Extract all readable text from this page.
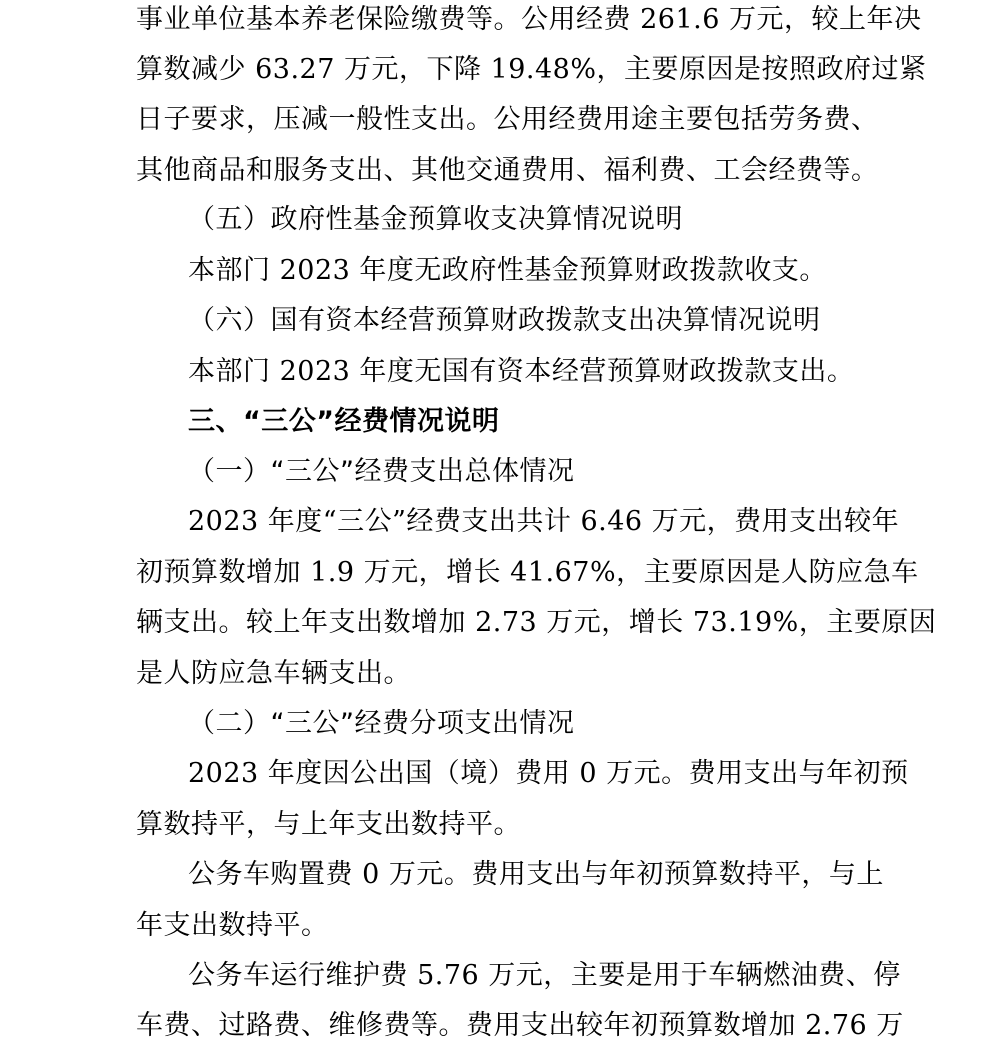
事业单位基本养老保险缴费等。公用经费 261.6 万元，较上年决
算数减少 63.27 万元，下降 19.48%，主要原因是按照政府过紧
日子要求，压减一般性支出。公用经费用途主要包括劳务费、
其他商品和服务支出、其他交通费用、福利费、工会经费等。
（五）政府性基金预算收支决算情况说明
本部门 2023 年度无政府性基金预算财政拨款收支。
（六）国有资本经营预算财政拨款支出决算情况说明
本部门 2023 年度无国有资本经营预算财政拨款支出。
三、“三公”经费情况说明
（一）“三公”经费支出总体情况
2023 年度“三公”经费支出共计 6.46 万元，费用支出较年
初预算数增加 1.9 万元，增长 41.67%，主要原因是人防应急车
辆支出。较上年支出数增加 2.73 万元，增长 73.19%，主要原因
是人防应急车辆支出。
（二）“三公”经费分项支出情况
2023 年度因公出国（境）费用 0 万元。费用支出与年初预
算数持平，与上年支出数持平。
公务车购置费 0 万元。费用支出与年初预算数持平，与上
年支出数持平。
公务车运行维护费 5.76 万元，主要是用于车辆燃油费、停
车费、过路费、维修费等。费用支出较年初预算数增加 2.76 万
